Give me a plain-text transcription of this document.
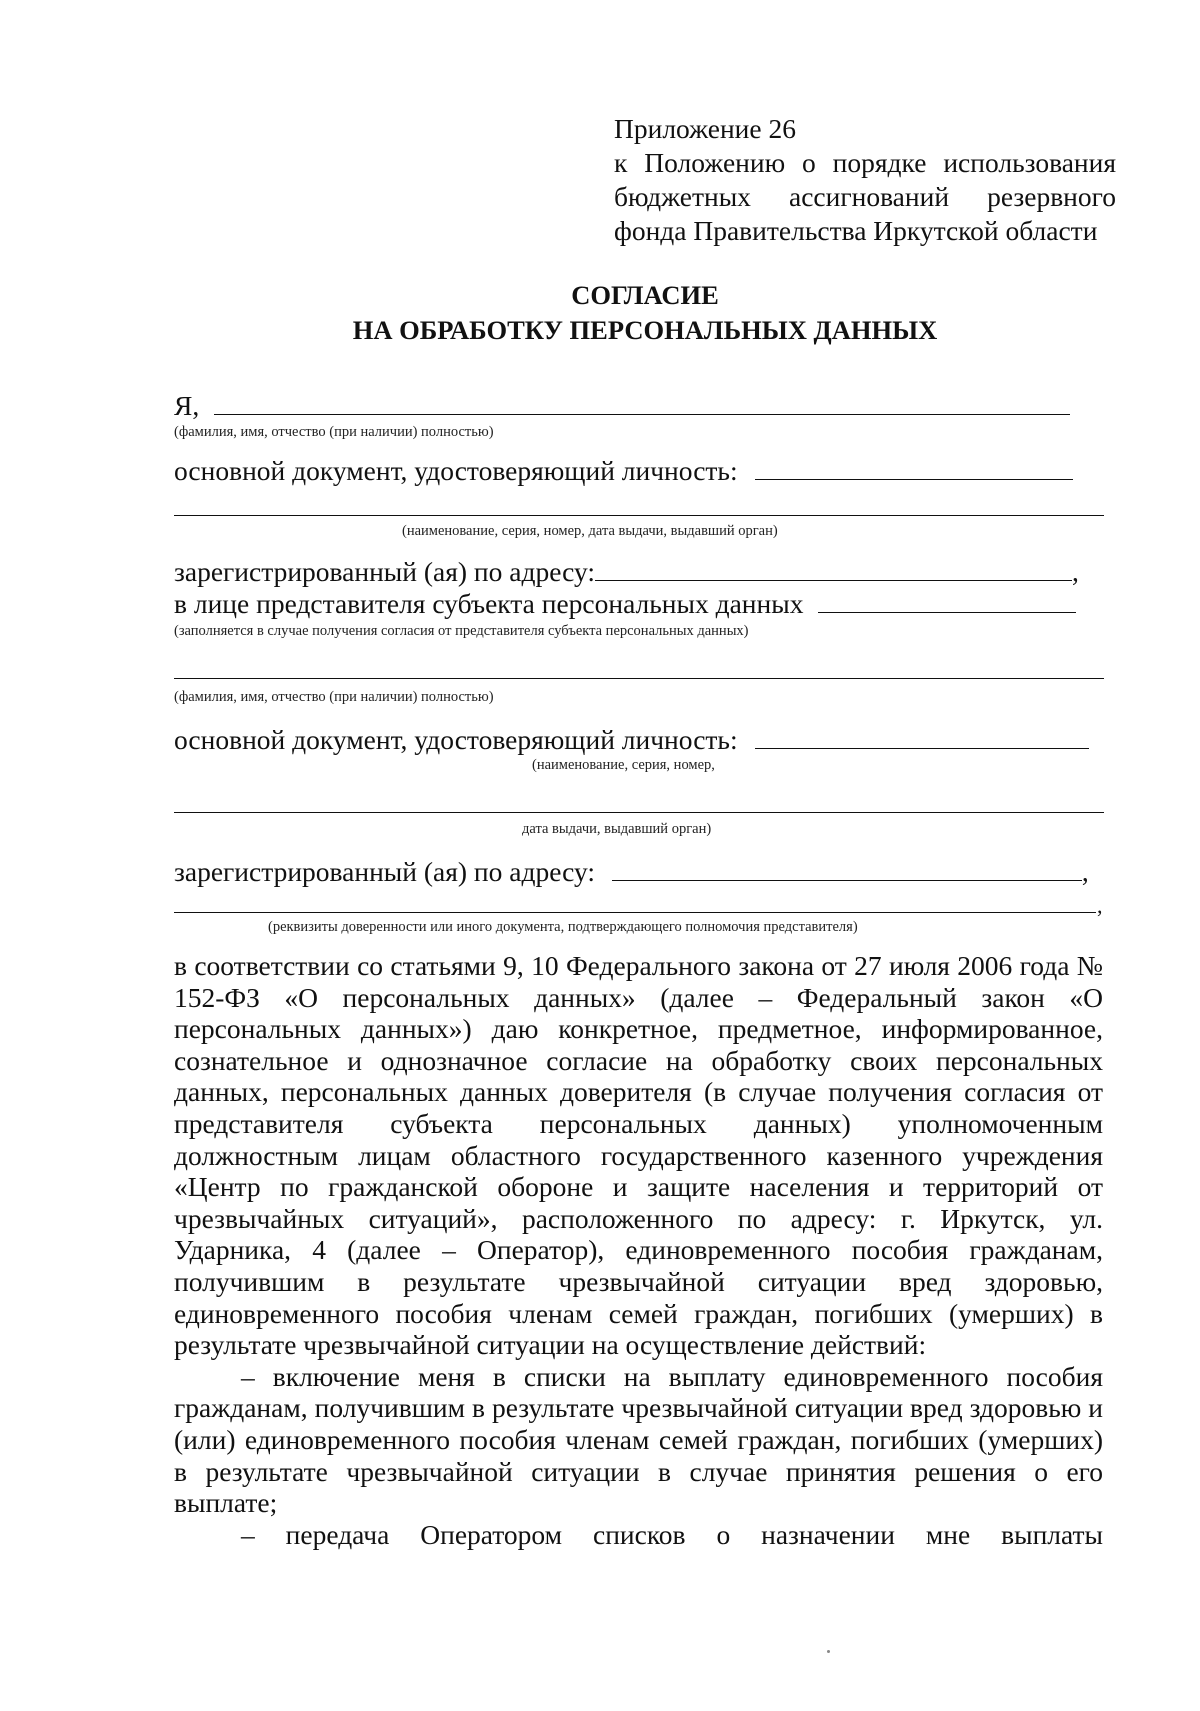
Приложение 26
к Положению о порядке использования
бюджетных ассигнований резервного
фонда Правительства Иркутской области
СОГЛАСИЕ
НА ОБРАБОТКУ ПЕРСОНАЛЬНЫХ ДАННЫХ
Я,
(фамилия, имя, отчество (при наличии) полностью)
основной документ, удостоверяющий личность:
(наименование, серия, номер, дата выдачи, выдавший орган)
зарегистрированный (ая) по адресу:	,
в лице представителя субъекта персональных данных
(заполняется в случае получения согласия от представителя субъекта персональных данных)
(фамилия, имя, отчество (при наличии) полностью)
основной документ, удостоверяющий личность:
(наименование, серия, номер,
дата выдачи, выдавший орган)
зарегистрированный (ая) по адресу:	,
,
(реквизиты доверенности или иного документа, подтверждающего полномочия представителя)

в соответствии со статьями 9, 10 Федерального закона от 27 июля 2006 года № 152-ФЗ «О персональных данных» (далее – Федеральный закон «О персональных данных») даю конкретное, предметное, информированное, сознательное и однозначное согласие на обработку своих персональных данных, персональных данных доверителя (в случае получения согласия от представителя субъекта персональных данных) уполномоченным должностным лицам областного государственного казенного учреждения «Центр по гражданской обороне и защите населения и территорий от чрезвычайных ситуаций», расположенного по адресу: г. Иркутск, ул. Ударника, 4 (далее – Оператор), единовременного пособия гражданам, получившим в результате чрезвычайной ситуации вред здоровью, единовременного пособия членам семей граждан, погибших (умерших) в результате чрезвычайной ситуации на осуществление действий:

– включение меня в списки на выплату единовременного пособия гражданам, получившим в результате чрезвычайной ситуации вред здоровью и (или) единовременного пособия членам семей граждан, погибших (умерших) в результате чрезвычайной ситуации в случае принятия решения о его выплате;

– передача Оператором списков о назначении мне выплаты
